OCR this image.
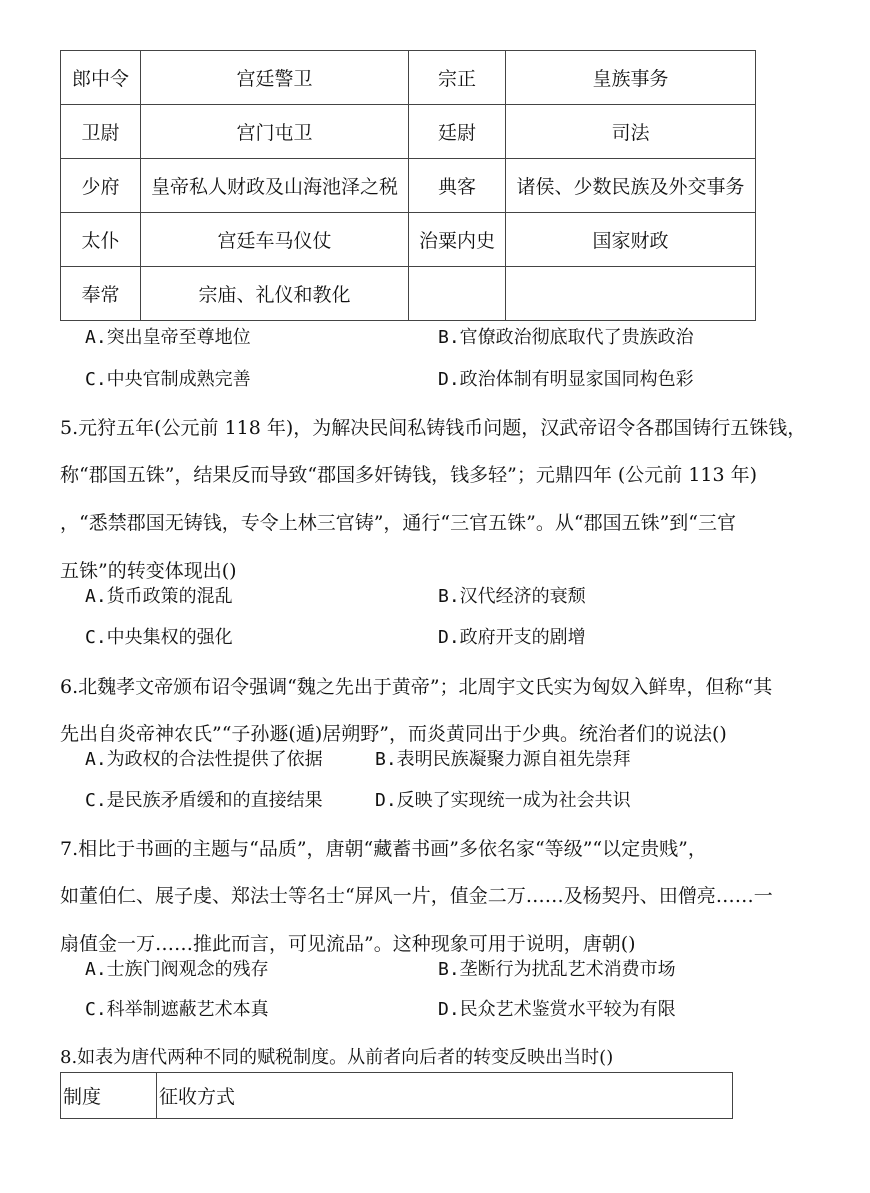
郎中令	宫廷警卫	宗正	皇族事务
卫尉	宫门屯卫	廷尉	司法
少府	皇帝私人财政及山海池泽之税	典客	诸侯、少数民族及外交事务
太仆	宫廷车马仪仗	治粟内史	国家财政
奉常	宗庙、礼仪和教化		
A.突出皇帝至尊地位	B.官僚政治彻底取代了贵族政治
C.中央官制成熟完善	D.政治体制有明显家国同构色彩
5.元狩五年(公元前 118 年)，为解决民间私铸钱币问题，汉武帝诏令各郡国铸行五铢钱，
称“郡国五铢”，结果反而导致“郡国多奸铸钱，钱多轻”；元鼎四年 (公元前 113 年)
，“悉禁郡国无铸钱，专令上林三官铸”，通行“三官五铢”。从“郡国五铢”到“三官
五铢”的转变体现出()
A.货币政策的混乱	B.汉代经济的衰颓
C.中央集权的强化	D.政府开支的剧增
6.北魏孝文帝颁布诏令强调“魏之先出于黄帝”；北周宇文氏实为匈奴入鲜卑，但称“其
先出自炎帝神农氏”“子孙遯(遁)居朔野”，而炎黄同出于少典。统治者们的说法()
A.为政权的合法性提供了依据	B.表明民族凝聚力源自祖先崇拜
C.是民族矛盾缓和的直接结果	D.反映了实现统一成为社会共识
7.相比于书画的主题与“品质”，唐朝“藏蓄书画”多依名家“等级”“以定贵贱”，
如董伯仁、展子虔、郑法士等名士“屏风一片，值金二万……及杨契丹、田僧亮……一
扇值金一万……推此而言，可见流品”。这种现象可用于说明，唐朝()
A.士族门阀观念的残存	B.垄断行为扰乱艺术消费市场
C.科举制遮蔽艺术本真	D.民众艺术鉴赏水平较为有限
8.如表为唐代两种不同的赋税制度。从前者向后者的转变反映出当时()
制度	征收方式
